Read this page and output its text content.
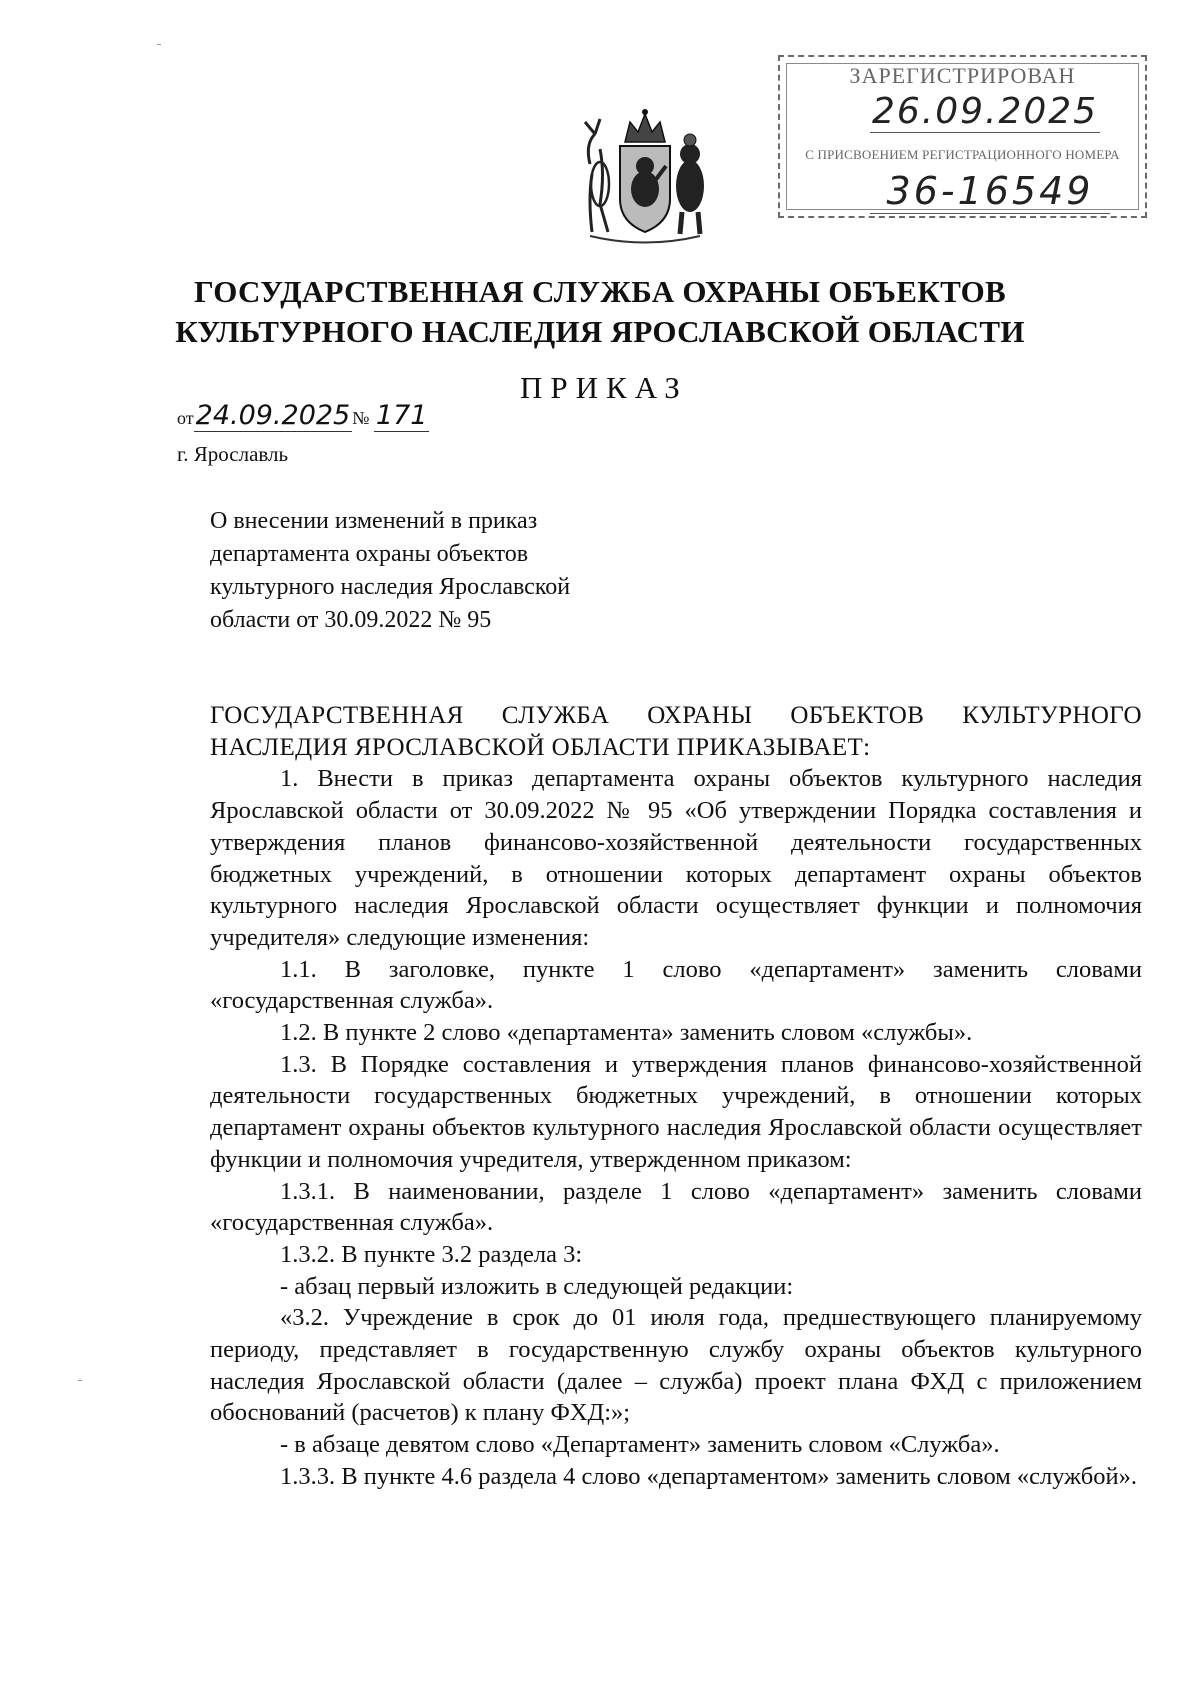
ЗАРЕГИСТРИРОВАН
26.09.2025
С ПРИСВОЕНИЕМ РЕГИСТРАЦИОННОГО НОМЕРА
36-16549
ГОСУДАРСТВЕННАЯ СЛУЖБА ОХРАНЫ ОБЪЕКТОВ
КУЛЬТУРНОГО НАСЛЕДИЯ ЯРОСЛАВСКОЙ ОБЛАСТИ
ПРИКАЗ
от24.09.2025 № 171
г. Ярославль
О внесении изменений в приказ
департамента охраны объектов
культурного наследия Ярославской
области от 30.09.2022 № 95

ГОСУДАРСТВЕННАЯ СЛУЖБА ОХРАНЫ ОБЪЕКТОВ КУЛЬТУРНОГО НАСЛЕДИЯ ЯРОСЛАВСКОЙ ОБЛАСТИ ПРИКАЗЫВАЕТ:

1. Внести в приказ департамента охраны объектов культурного наследия Ярославской области от 30.09.2022 № 95 «Об утверждении Порядка составления и утверждения планов финансово-хозяйственной деятельности государственных бюджетных учреждений, в отношении которых департамент охраны объектов культурного наследия Ярославской области осуществляет функции и полномочия учредителя» следующие изменения:

1.1. В заголовке, пункте 1 слово «департамент» заменить словами «государственная служба».

1.2. В пункте 2 слово «департамента» заменить словом «службы».

1.3. В Порядке составления и утверждения планов финансово-хозяйственной деятельности государственных бюджетных учреждений, в отношении которых департамент охраны объектов культурного наследия Ярославской области осуществляет функции и полномочия учредителя, утвержденном приказом:

1.3.1. В наименовании, разделе 1 слово «департамент» заменить словами «государственная служба».

1.3.2. В пункте 3.2 раздела 3:

- абзац первый изложить в следующей редакции:

«3.2. Учреждение в срок до 01 июля года, предшествующего планируемому периоду, представляет в государственную службу охраны объектов культурного наследия Ярославской области (далее – служба) проект плана ФХД с приложением обоснований (расчетов) к плану ФХД:»;

- в абзаце девятом слово «Департамент» заменить словом «Служба».

1.3.3. В пункте 4.6 раздела 4 слово «департаментом» заменить словом «службой».
